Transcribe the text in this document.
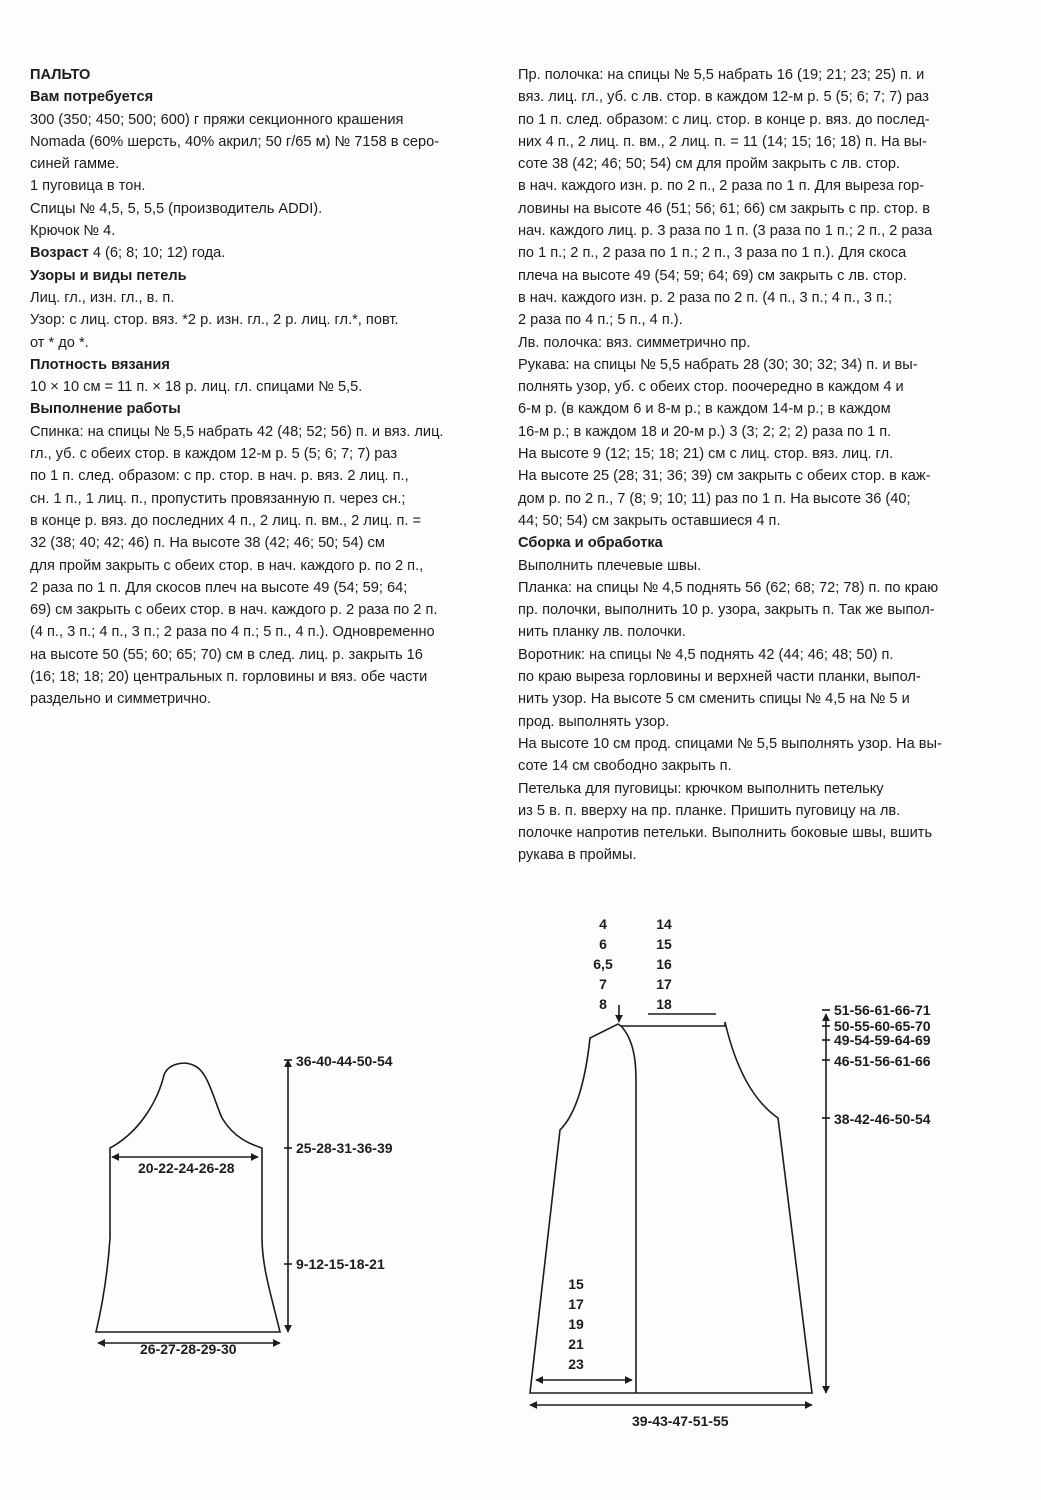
ПАЛЬТО
Вам потребуется
300 (350; 450; 500; 600) г пряжи секционного крашения
Nomada (60% шерсть, 40% акрил; 50 г/65 м) № 7158 в серо-
синей гамме.
1 пуговица в тон.
Спицы № 4,5, 5, 5,5 (производитель ADDI).
Крючок № 4.
Возраст 4 (6; 8; 10; 12) года.
Узоры и виды петель
Лиц. гл., изн. гл., в. п.
Узор: с лиц. стор. вяз. *2 р. изн. гл., 2 р. лиц. гл.*, повт.
от * до *.
Плотность вязания
10 × 10 см = 11 п. × 18 р. лиц. гл. спицами № 5,5.
Выполнение работы
Спинка: на спицы № 5,5 набрать 42 (48; 52; 56) п. и вяз. лиц.
гл., уб. с обеих стор. в каждом 12-м р. 5 (5; 6; 7; 7) раз
по 1 п. след. образом: с пр. стор. в нач. р. вяз. 2 лиц. п.,
сн. 1 п., 1 лиц. п., пропустить провязанную п. через сн.;
в конце р. вяз. до последних 4 п., 2 лиц. п. вм., 2 лиц. п. =
32 (38; 40; 42; 46) п. На высоте 38 (42; 46; 50; 54) см
для пройм закрыть с обеих стор. в нач. каждого р. по 2 п.,
2 раза по 1 п. Для скосов плеч на высоте 49 (54; 59; 64;
69) см закрыть с обеих стор. в нач. каждого р. 2 раза по 2 п.
(4 п., 3 п.; 4 п., 3 п.; 2 раза по 4 п.; 5 п., 4 п.). Одновременно
на высоте 50 (55; 60; 65; 70) см в след. лиц. р. закрыть 16
(16; 18; 18; 20) центральных п. горловины и вяз. обе части
раздельно и симметрично.
Пр. полочка: на спицы № 5,5 набрать 16 (19; 21; 23; 25) п. и
вяз. лиц. гл., уб. с лв. стор. в каждом 12-м р. 5 (5; 6; 7; 7) раз
по 1 п. след. образом: с лиц. стор. в конце р. вяз. до послед-
них 4 п., 2 лиц. п. вм., 2 лиц. п. = 11 (14; 15; 16; 18) п. На вы-
соте 38 (42; 46; 50; 54) см для пройм закрыть с лв. стор.
в нач. каждого изн. р. по 2 п., 2 раза по 1 п. Для выреза гор-
ловины на высоте 46 (51; 56; 61; 66) см закрыть с пр. стор. в
нач. каждого лиц. р. 3 раза по 1 п. (3 раза по 1 п.; 2 п., 2 раза
по 1 п.; 2 п., 2 раза по 1 п.; 2 п., 3 раза по 1 п.). Для скоса
плеча на высоте 49 (54; 59; 64; 69) см закрыть с лв. стор.
в нач. каждого изн. р. 2 раза по 2 п. (4 п., 3 п.; 4 п., 3 п.;
2 раза по 4 п.; 5 п., 4 п.).
Лв. полочка: вяз. симметрично пр.
Рукава: на спицы № 5,5 набрать 28 (30; 30; 32; 34) п. и вы-
полнять узор, уб. с обеих стор. поочередно в каждом 4 и
6-м р. (в каждом 6 и 8-м р.; в каждом 14-м р.; в каждом
16-м р.; в каждом 18 и 20-м р.) 3 (3; 2; 2; 2) раза по 1 п.
На высоте 9 (12; 15; 18; 21) см с лиц. стор. вяз. лиц. гл.
На высоте 25 (28; 31; 36; 39) см закрыть с обеих стор. в каж-
дом р. по 2 п., 7 (8; 9; 10; 11) раз по 1 п. На высоте 36 (40;
44; 50; 54) см закрыть оставшиеся 4 п.
Сборка и обработка
Выполнить плечевые швы.
Планка: на спицы № 4,5 поднять 56 (62; 68; 72; 78) п. по краю
пр. полочки, выполнить 10 р. узора, закрыть п. Так же выпол-
нить планку лв. полочки.
Воротник: на спицы № 4,5 поднять 42 (44; 46; 48; 50) п.
по краю выреза горловины и верхней части планки, выпол-
нить узор. На высоте 5 см сменить спицы № 4,5 на № 5 и
прод. выполнять узор.
На высоте 10 см прод. спицами № 5,5 выполнять узор. На вы-
соте 14 см свободно закрыть п.
Петелька для пуговицы: крючком выполнить петельку
из 5 в. п. вверху на пр. планке. Пришить пуговицу на лв.
полочке напротив петельки. Выполнить боковые швы, вшить
рукава в проймы.
36-40-44-50-54
25-28-31-36-39
20-22-24-26-28
9-12-15-18-21
26-27-28-29-30
4
6
6,5
7
8
14
15
16
17
18	51-56-61-66-71
50-55-60-65-70
49-54-59-64-69
46-51-56-61-66
38-42-46-50-54
15
17
19
21
23
39-43-47-51-55
